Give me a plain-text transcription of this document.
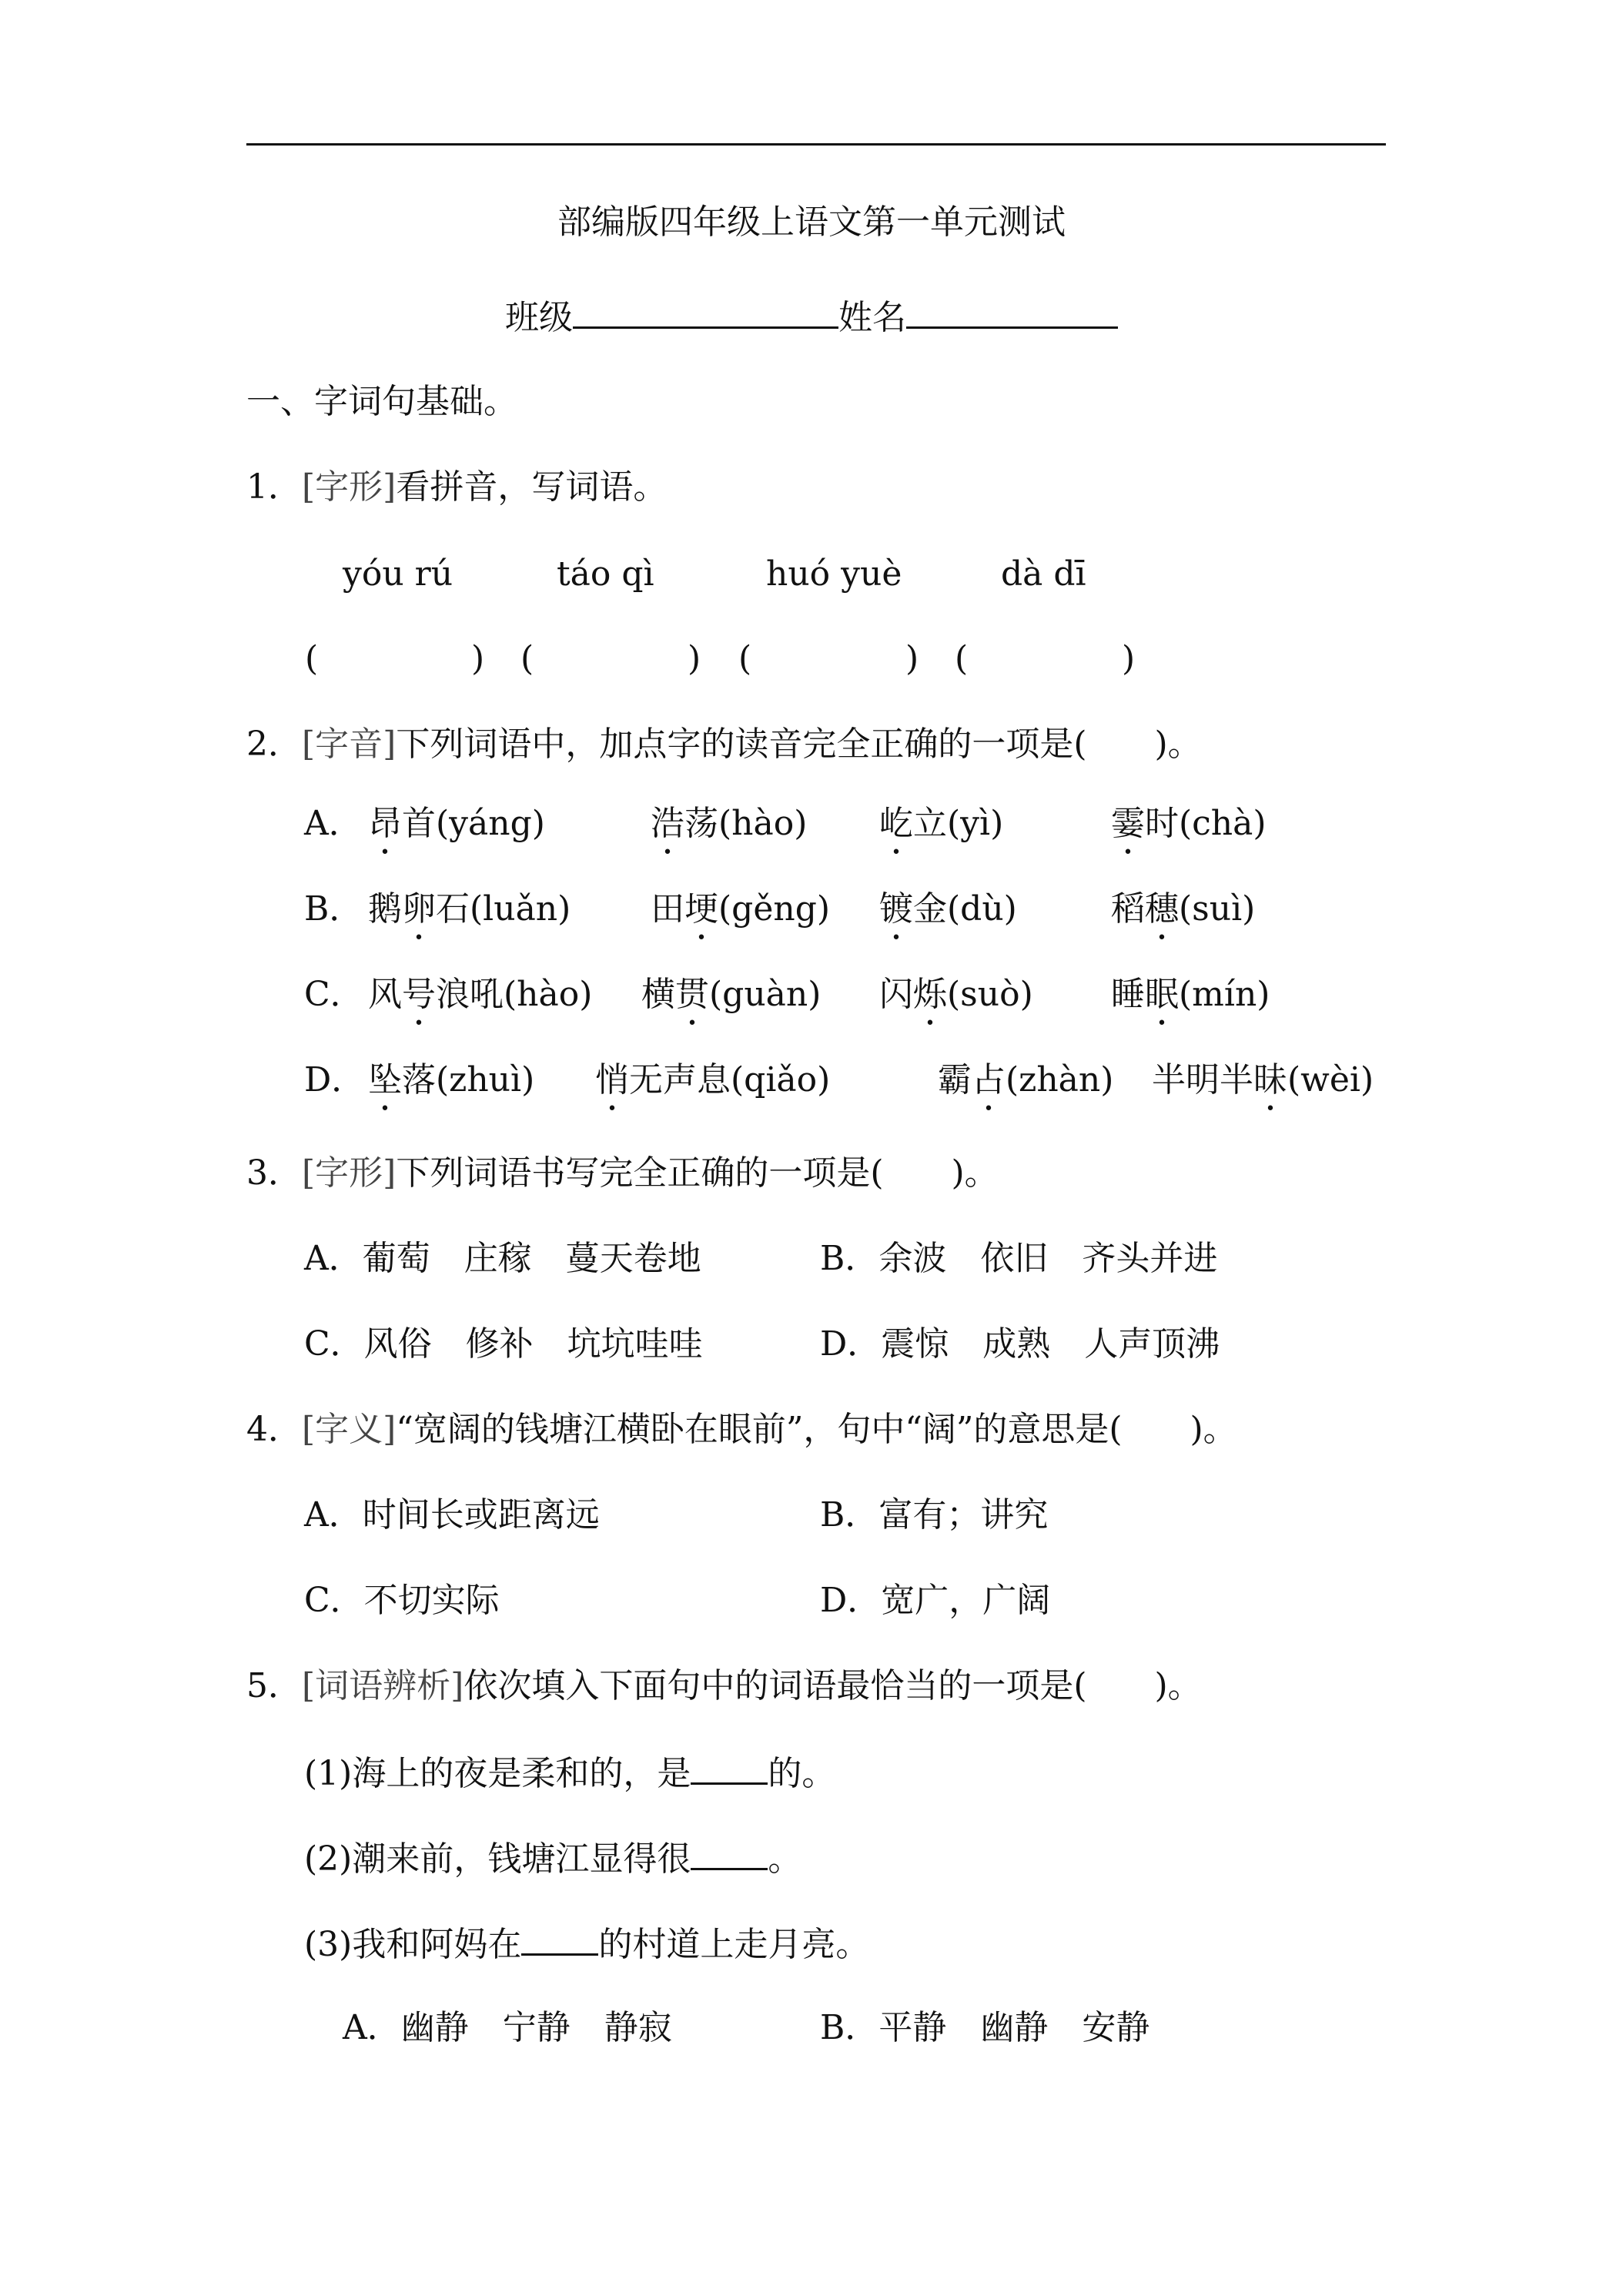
部编版四年级上语文第一单元测试
班级	姓名
一、字词句基础。
1．[字形]看拼音，写词语。
yóu rú	táo qì	huó yuè	dà dī
(	) (	) (	) (	)
2．[字音]下列词语中，加点字的读音完全正确的一项是(　　)。
A． 昂首(yáng)	浩荡(hào) 屹立(yì)	霎时(chà)
B． 鹅卵石(luǎn) 田埂(gěng) 镀金(dù)	稻穗(suì)
C． 风号浪吼(hào) 横贯(guàn) 闪烁(suò) 睡眠(mín)
D． 坠落(zhuì) 悄无声息(qiǎo)	霸占(zhàn) 半明半昧(wèi)
3．[字形]下列词语书写完全正确的一项是(　　)。
A．葡萄　庄稼　蔓天卷地	B．余波　依旧　齐头并进
C．风俗　修补　坑坑哇哇	D．震惊　成熟　人声顶沸
4．[字义]“宽阔的钱塘江横卧在眼前”，句中“阔”的意思是(　　)。
A．时间长或距离远	B．富有；讲究
C．不切实际	D．宽广，广阔
5．[词语辨析]依次填入下面句中的词语最恰当的一项是(　　)。
(1)海上的夜是柔和的，是 的。
(2)潮来前，钱塘江显得很 。
(3)我和阿妈在 的村道上走月亮。
A．幽静　宁静　静寂	B．平静　幽静　安静
